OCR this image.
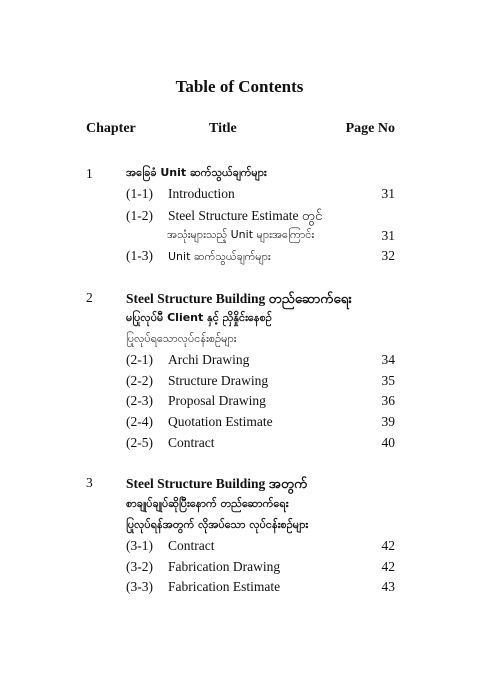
Table of Contents
Chapter	Title	Page No
1	အခြေခံ Unit ဆက်သွယ်ချက်များ
(1-1) Introduction	31
(1-2) Steel Structure Estimate တွင်
အသုံးများသည့် Unit များအကြောင်း	31
(1-3) Unit ဆက်သွယ်ချက်များ	32
2 Steel Structure Building တည်ဆောက်ရေး
မပြုလုပ်မီ Client နှင့် ညှိနှိုင်းနေစဉ်
ပြုလုပ်ရသောလုပ်ငန်းစဉ်များ
(2-1) Archi Drawing	34
(2-2) Structure Drawing	35
(2-3) Proposal Drawing	36
(2-4) Quotation Estimate	39
(2-5) Contract	40
3 Steel Structure Building အတွက်
စာချုပ်ချုပ်ဆိုပြီးနောက် တည်ဆောက်ရေး
ပြုလုပ်ရန်အတွက် လိုအပ်သော လုပ်ငန်းစဉ်များ
(3-1) Contract	42
(3-2) Fabrication Drawing	42
(3-3) Fabrication Estimate	43
